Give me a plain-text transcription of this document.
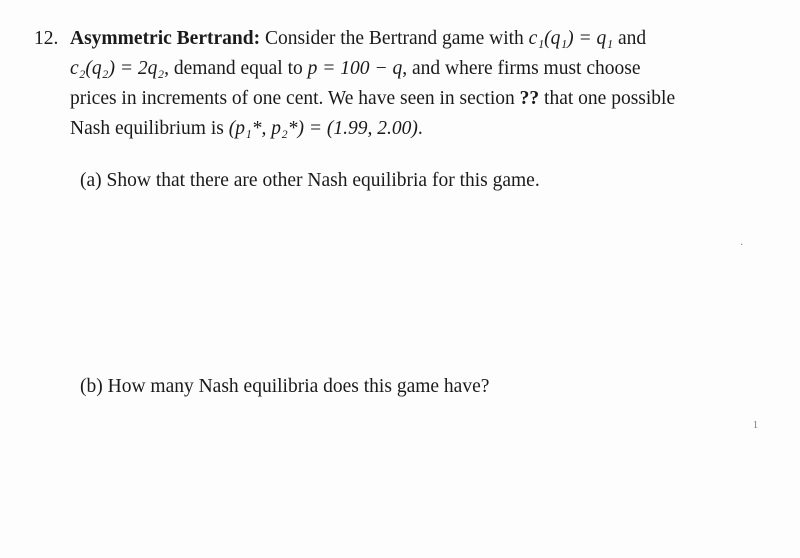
12. Asymmetric Bertrand: Consider the Bertrand game with c₁(q₁) = q₁ and
c₂(q₂) = 2q₂, demand equal to p = 100 − q, and where firms must choose
prices in increments of one cent. We have seen in section ?? that one possible
Nash equilibrium is (p₁*, p₂*) = (1.99, 2.00).
(a) Show that there are other Nash equilibria for this game.
(b) How many Nash equilibria does this game have?
·
1
